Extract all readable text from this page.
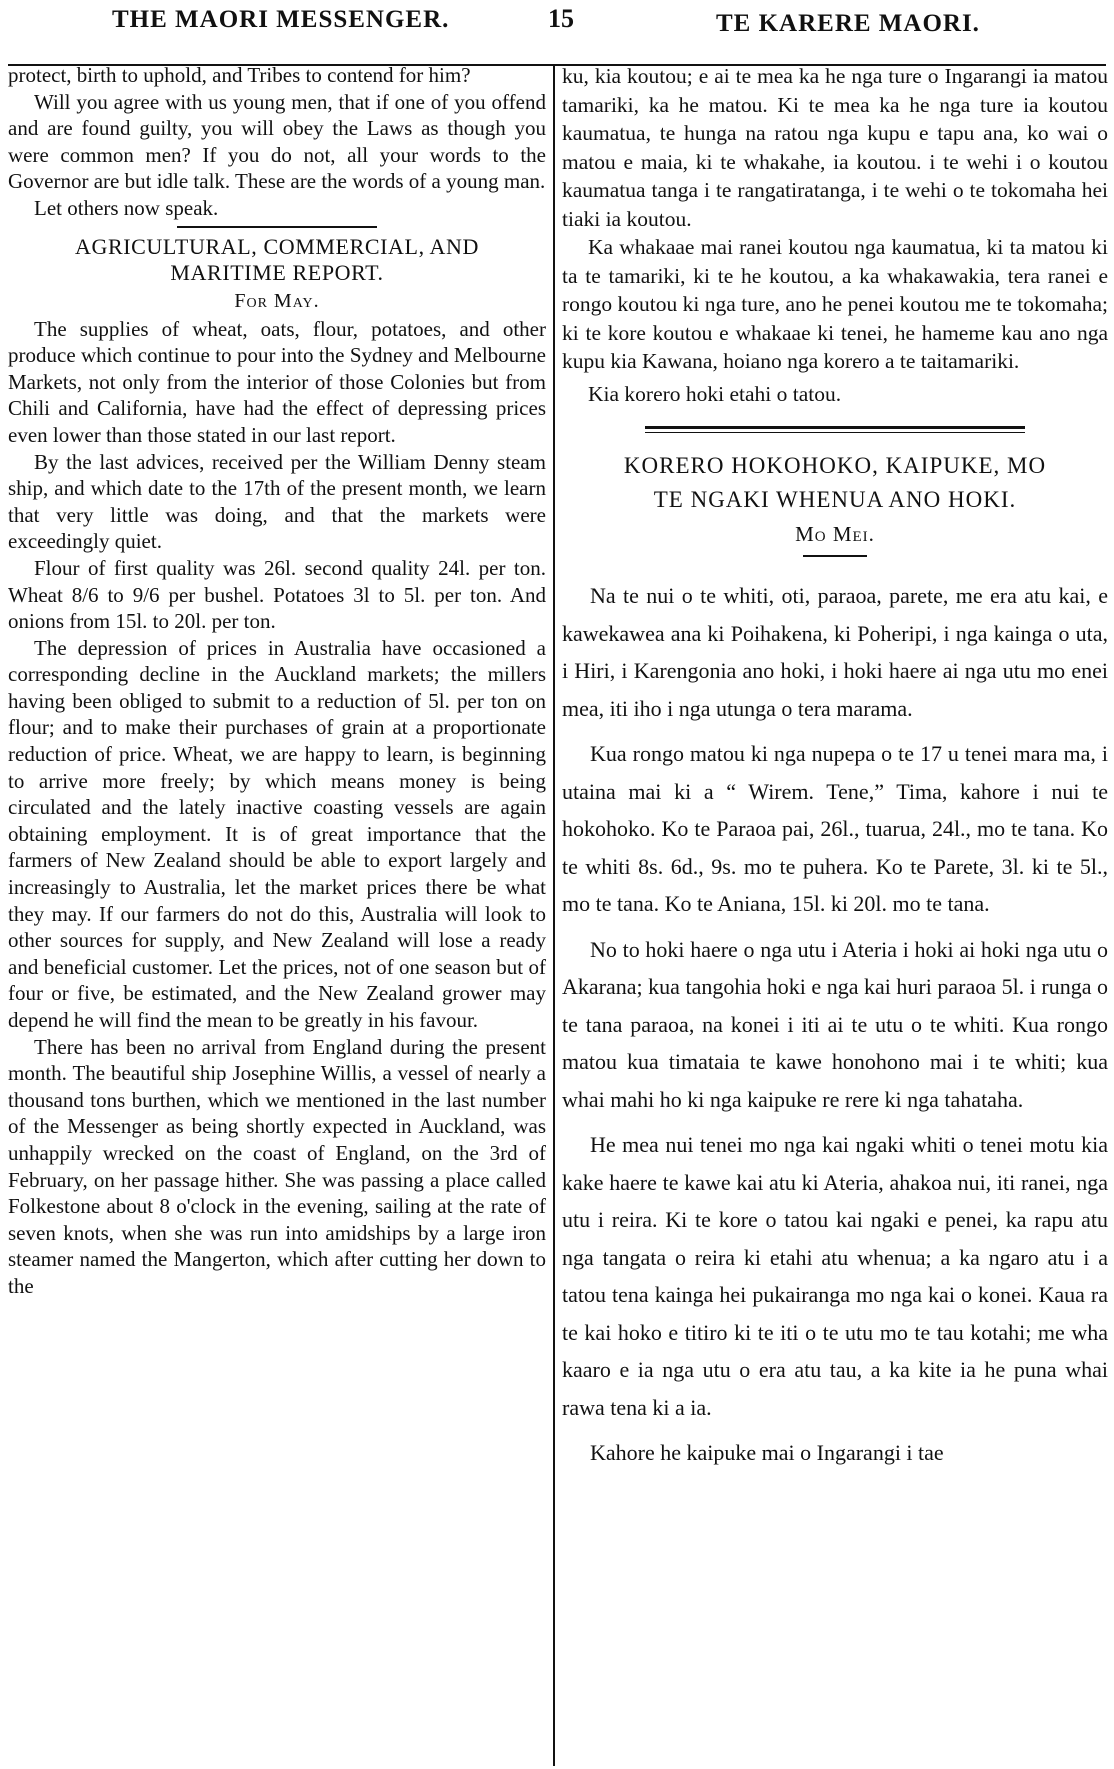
THE MAORI MESSENGER.	15	TE KARERE MAORI.

protect, birth to uphold, and Tribes to contend for him?

Will you agree with us young men, that if one of you offend and are found guilty, you will obey the Laws as though you were common men? If you do not, all your words to the Governor are but idle talk. These are the words of a young man.

Let others now speak.

AGRICULTURAL, COMMERCIAL, AND

MARITIME REPORT.

For May.

The supplies of wheat, oats, flour, potatoes, and other produce which continue to pour into the Sydney and Melbourne Markets, not only from the interior of those Colonies but from Chili and California, have had the effect of depressing prices even lower than those stated in our last report.

By the last advices, received per the William Denny steam ship, and which date to the 17th of the present month, we learn that very little was doing, and that the markets were exceedingly quiet.

Flour of first quality was 26l. second quality 24l. per ton. Wheat 8/6 to 9/6 per bushel. Potatoes 3l to 5l. per ton. And onions from 15l. to 20l. per ton.

The depression of prices in Australia have occasioned a corresponding decline in the Auckland markets; the millers having been obliged to submit to a reduction of 5l. per ton on flour; and to make their purchases of grain at a proportionate reduction of price. Wheat, we are happy to learn, is beginning to arrive more freely; by which means money is being circulated and the lately inactive coasting vessels are again obtaining employment. It is of great importance that the farmers of New Zealand should be able to export largely and increasingly to Australia, let the market prices there be what they may. If our farmers do not do this, Australia will look to other sources for supply, and New Zealand will lose a ready and beneficial customer. Let the prices, not of one season but of four or five, be estimated, and the New Zealand grower may depend he will find the mean to be greatly in his favour.

There has been no arrival from England during the present month. The beautiful ship Josephine Willis, a vessel of nearly a thousand tons burthen, which we mentioned in the last number of the Messenger as being shortly expected in Auckland, was unhappily wrecked on the coast of England, on the 3rd of February, on her passage hither. She was passing a place called Folkestone about 8 o'clock in the evening, sailing at the rate of seven knots, when she was run into amidships by a large iron steamer named the Mangerton, which after cutting her down to the

ku, kia koutou; e ai te mea ka he nga ture o Ingarangi ia matou tamariki, ka he matou. Ki te mea ka he nga ture ia koutou kaumatua, te hunga na ratou nga kupu e tapu ana, ko wai o matou e maia, ki te whakahe, ia koutou. i te wehi i o koutou kaumatua tanga i te rangatiratanga, i te wehi o te tokomaha hei tiaki ia koutou.

Ka whakaae mai ranei koutou nga kaumatua, ki ta matou ki ta te tamariki, ki te he koutou, a ka whakawakia, tera ranei e rongo koutou ki nga ture, ano he penei koutou me te tokomaha; ki te kore koutou e whakaae ki tenei, he hameme kau ano nga kupu kia Kawana, hoiano nga korero a te taitamariki.

Kia korero hoki etahi o tatou.

KORERO HOKOHOKO, KAIPUKE, MO

TE NGAKI WHENUA ANO HOKI.

Mo Mei.

Na te nui o te whiti, oti, paraoa, parete, me era atu kai, e kawekawea ana ki Poihakena, ki Poheripi, i nga kainga o uta, i Hiri, i Karengonia ano hoki, i hoki haere ai nga utu mo enei mea, iti iho i nga utunga o tera marama.

Kua rongo matou ki nga nupepa o te 17 u tenei mara ma, i utaina mai ki a “ Wirem. Tene,” Tima, kahore i nui te hokohoko. Ko te Paraoa pai, 26l., tuarua, 24l., mo te tana. Ko te whiti 8s. 6d., 9s. mo te puhera. Ko te Parete, 3l. ki te 5l., mo te tana. Ko te Aniana, 15l. ki 20l. mo te tana.

No to hoki haere o nga utu i Ateria i hoki ai hoki nga utu o Akarana; kua tangohia hoki e nga kai huri paraoa 5l. i runga o te tana paraoa, na konei i iti ai te utu o te whiti. Kua rongo matou kua timataia te kawe honohono mai i te whiti; kua whai mahi ho ki nga kaipuke re rere ki nga tahataha.

He mea nui tenei mo nga kai ngaki whiti o tenei motu kia kake haere te kawe kai atu ki Ateria, ahakoa nui, iti ranei, nga utu i reira. Ki te kore o tatou kai ngaki e penei, ka rapu atu nga tangata o reira ki etahi atu whenua; a ka ngaro atu i a tatou tena kainga hei pukairanga mo nga kai o konei. Kaua ra te kai hoko e titiro ki te iti o te utu mo te tau kotahi; me wha kaaro e ia nga utu o era atu tau, a ka kite ia he puna whai rawa tena ki a ia.

Kahore he kaipuke mai o Ingarangi i tae
